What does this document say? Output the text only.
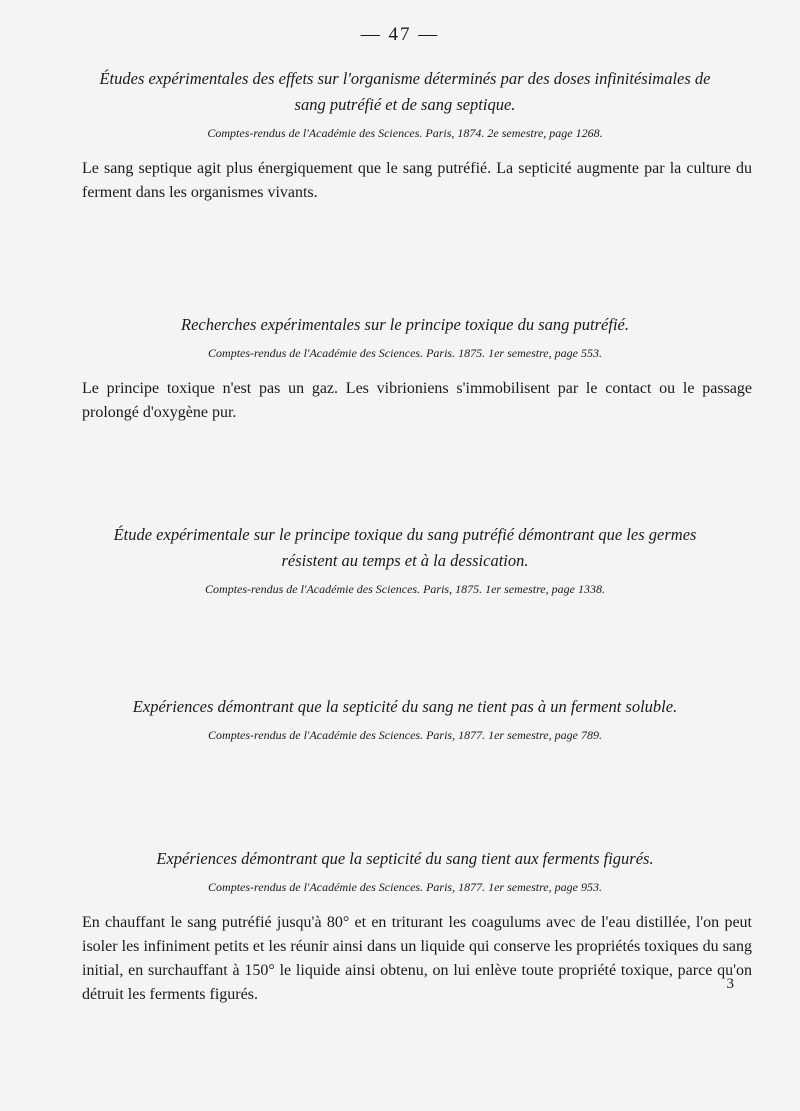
— 47 —
Études expérimentales des effets sur l'organisme déterminés par des doses infinitésimales de
sang putréfié et de sang septique.

Comptes-rendus de l'Académie des Sciences. Paris, 1874. 2e semestre, page 1268.

Le sang septique agit plus énergiquement que le sang putréfié. La septicité augmente par la culture du ferment dans les organismes vivants.

Recherches expérimentales sur le principe toxique du sang putréfié.

Comptes-rendus de l'Académie des Sciences. Paris. 1875. 1er semestre, page 553.

Le principe toxique n'est pas un gaz. Les vibrioniens s'immobilisent par le contact ou le passage prolongé d'oxygène pur.

Étude expérimentale sur le principe toxique du sang putréfié démontrant que les germes
résistent au temps et à la dessication.

Comptes-rendus de l'Académie des Sciences. Paris, 1875. 1er semestre, page 1338.

Expériences démontrant que la septicité du sang ne tient pas à un ferment soluble.

Comptes-rendus de l'Académie des Sciences. Paris, 1877. 1er semestre, page 789.

Expériences démontrant que la septicité du sang tient aux ferments figurés.

Comptes-rendus de l'Académie des Sciences. Paris, 1877. 1er semestre, page 953.

En chauffant le sang putréfié jusqu'à 80° et en triturant les coagulums avec de l'eau distillée, l'on peut isoler les infiniment petits et les réunir ainsi dans un liquide qui conserve les propriétés toxiques du sang initial, en surchauffant à 150° le liquide ainsi obtenu, on lui enlève toute propriété toxique, parce qu'on détruit les ferments figurés.

3
